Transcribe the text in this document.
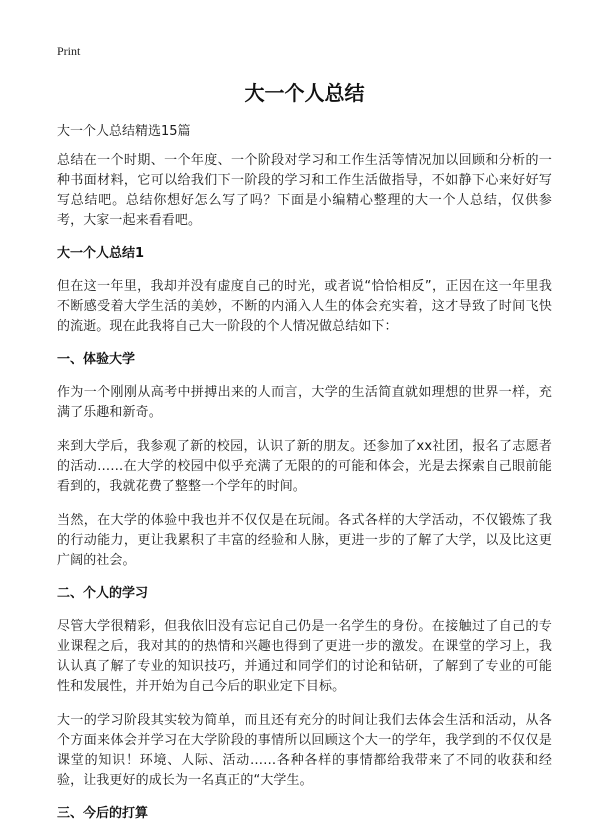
Print
大一个人总结
大一个人总结精选15篇

总结在一个时期、一个年度、一个阶段对学习和工作生活等情况加以回顾和分析的一种书面材料，它可以给我们下一阶段的学习和工作生活做指导，不如静下心来好好写写总结吧。总结你想好怎么写了吗？下面是小编精心整理的大一个人总结，仅供参考，大家一起来看看吧。

大一个人总结1

但在这一年里，我却并没有虚度自己的时光，或者说“恰恰相反”，正因在这一年里我不断感受着大学生活的美妙，不断的内涌入人生的体会充实着，这才导致了时间飞快的流逝。现在此我将自己大一阶段的个人情况做总结如下：

一、体验大学

作为一个刚刚从高考中拼搏出来的人而言，大学的生活简直就如理想的世界一样，充满了乐趣和新奇。

来到大学后，我参观了新的校园，认识了新的朋友。还参加了xx社团，报名了志愿者的活动……在大学的校园中似乎充满了无限的的可能和体会，光是去探索自己眼前能看到的，我就花费了整整一个学年的时间。

当然，在大学的体验中我也并不仅仅是在玩闹。各式各样的大学活动，不仅锻炼了我的行动能力，更让我累积了丰富的经验和人脉，更进一步的了解了大学，以及比这更广阔的社会。

二、个人的学习

尽管大学很精彩，但我依旧没有忘记自己仍是一名学生的身份。在接触过了自己的专业课程之后，我对其的的热情和兴趣也得到了更进一步的激发。在课堂的学习上，我认认真了解了专业的知识技巧，并通过和同学们的讨论和钻研，了解到了专业的可能性和发展性，并开始为自己今后的职业定下目标。

大一的学习阶段其实较为简单，而且还有充分的时间让我们去体会生活和活动，从各个方面来体会并学习在大学阶段的事情所以回顾这个大一的学年，我学到的不仅仅是课堂的知识！环境、人际、活动……各种各样的事情都给我带来了不同的收获和经验，让我更好的成长为一名真正的“大学生。

三、今后的打算
